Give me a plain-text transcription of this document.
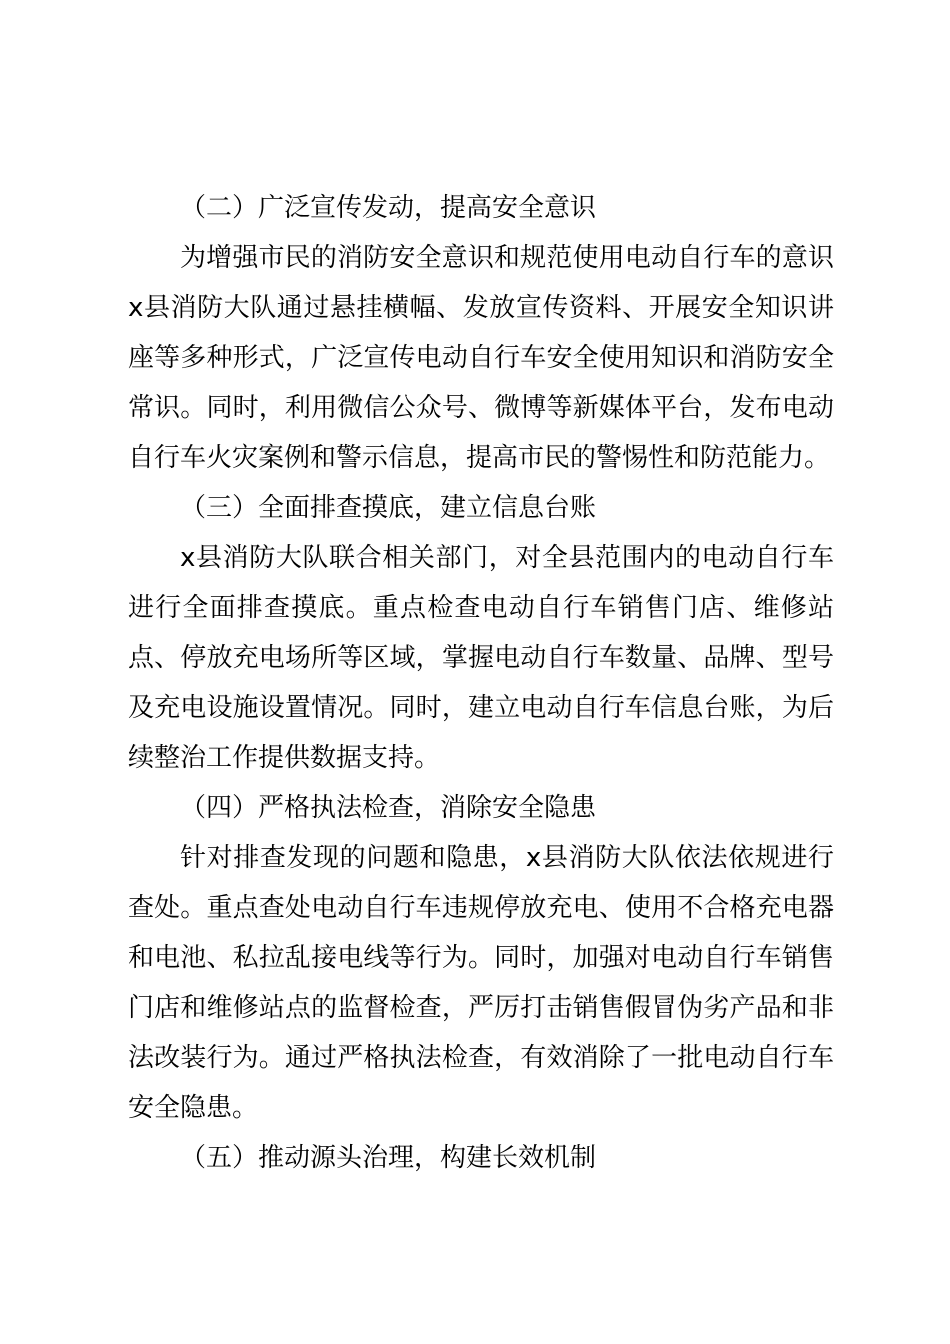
（二）广泛宣传发动，提高安全意识

为增强市民的消防安全意识和规范使用电动自行车的意识x县消防大队通过悬挂横幅、发放宣传资料、开展安全知识讲座等多种形式，广泛宣传电动自行车安全使用知识和消防安全常识。同时，利用微信公众号、微博等新媒体平台，发布电动自行车火灾案例和警示信息，提高市民的警惕性和防范能力。

（三）全面排查摸底，建立信息台账

x县消防大队联合相关部门，对全县范围内的电动自行车进行全面排查摸底。重点检查电动自行车销售门店、维修站点、停放充电场所等区域，掌握电动自行车数量、品牌、型号及充电设施设置情况。同时，建立电动自行车信息台账，为后续整治工作提供数据支持。

（四）严格执法检查，消除安全隐患

针对排查发现的问题和隐患，x县消防大队依法依规进行查处。重点查处电动自行车违规停放充电、使用不合格充电器和电池、私拉乱接电线等行为。同时，加强对电动自行车销售门店和维修站点的监督检查，严厉打击销售假冒伪劣产品和非法改装行为。通过严格执法检查，有效消除了一批电动自行车安全隐患。

（五）推动源头治理，构建长效机制
